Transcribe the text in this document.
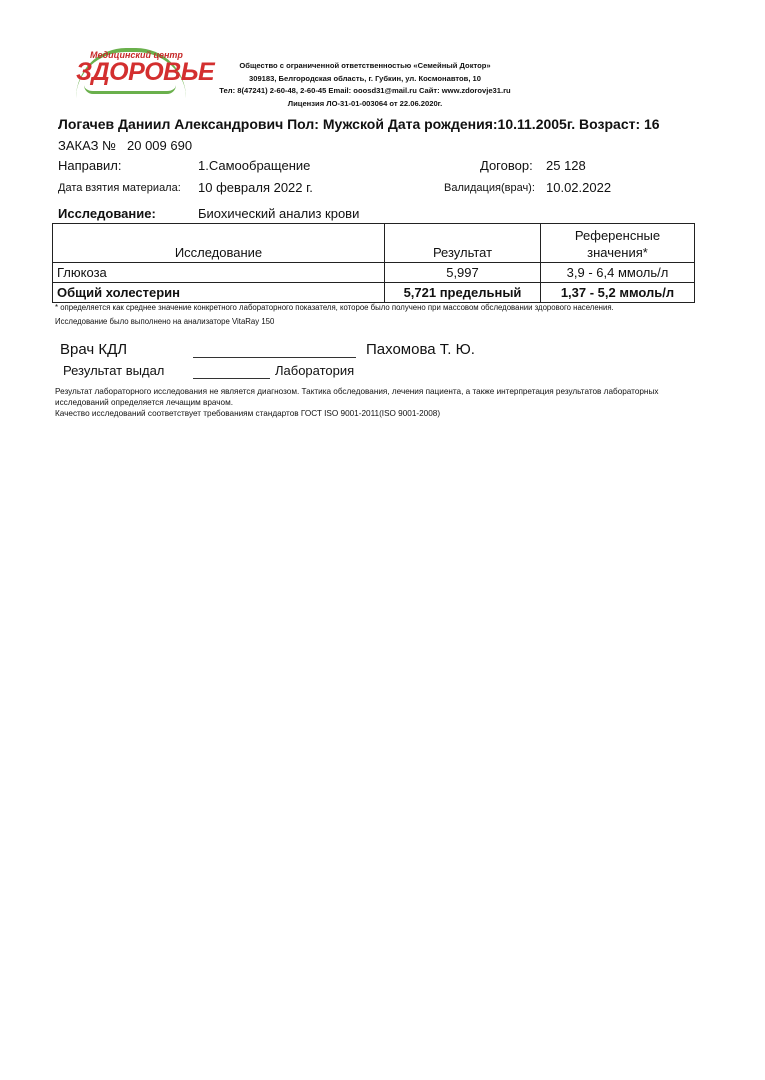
Медицинский центр
ЗДОРОВЬЕ	Общество с ограниченной ответственностью «Семейный Доктор»
309183, Белгородская область, г. Губкин, ул. Космонавтов, 10
Тел: 8(47241) 2-60-48, 2-60-45 Email: ooosd31@mail.ru Сайт: www.zdorovje31.ru
Лицензия ЛО-31-01-003064 от 22.06.2020г.
Логачев Даниил Александрович Пол: Мужской Дата рождения:10.11.2005г. Возраст: 16
ЗАКАЗ № 20 009 690
Направил:	1.Самообращение	Договор: 25 128
Дата взятия материала: 10 февраля 2022 г.	Валидация(врач): 10.02.2022
Исследование:	Биохический анализ крови
Исследование	Результат	Референсные
значения*

Глюкоза	5,997	3,9 - 6,4 ммоль/л
Общий холестерин	5,721 предельный	1,37 - 5,2 ммоль/л
* определяется как среднее значение конкретного лабораторного показателя, которое было получено при массовом обследовании здорового населения.
Исследование было выполнено на анализаторе VitaRay 150
Врач КДЛ	Пахомова Т. Ю.
Результат выдал	Лаборатория
Результат лабораторного исследования не является диагнозом. Тактика обследования, лечения пациента, а также интерпретация результатов лабораторных
исследований определяется лечащим врачом.
Качество исследований соответствует требованиям стандартов ГОСТ ISO 9001-2011(ISO 9001-2008)
